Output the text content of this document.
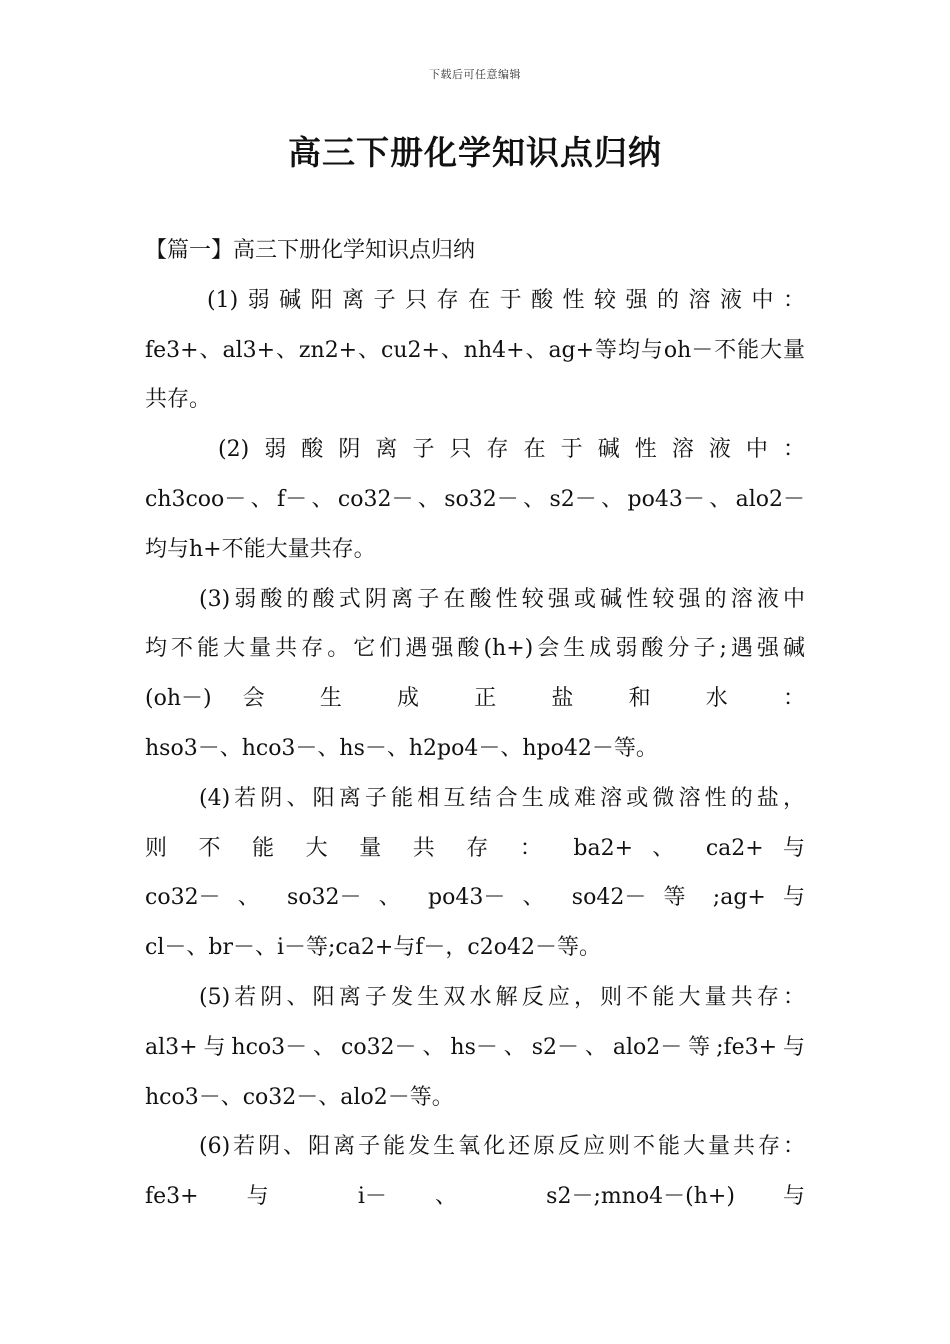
下载后可任意编辑
高三下册化学知识点归纳
【篇一】高三下册化学知识点归纳
(1)弱碱阳离子只存在于酸性较强的溶液中：
fe3+、al3+、zn2+、cu2+、nh4+、ag+等均与oh－不能大量
共存。
(2)弱酸阴离子只存在于碱性溶液中：
ch3coo－、f－、co32－、so32－、s2－、po43－、alo2－
均与h+不能大量共存。
(3)弱酸的酸式阴离子在酸性较强或碱性较强的溶液中
均不能大量共存。它们遇强酸(h+)会生成弱酸分子;遇强碱
(oh－) 会 生 成 正 盐 和 水 ：
hso3－、hco3－、hs－、h2po4－、hpo42－等。
(4)若阴、阳离子能相互结合生成难溶或微溶性的盐，
则 不 能 大 量 共 存 ： ba2+ 、 ca2+ 与
co32－ 、 so32－ 、 po43－ 、 so42－ 等 ;ag+ 与
cl－、br－、i－等;ca2+与f－，c2o42－等。
(5)若阴、阳离子发生双水解反应，则不能大量共存：
al3+与hco3－、co32－、hs－、s2－、alo2－等;fe3+与
hco3－、co32－、alo2－等。
(6)若阴、阳离子能发生氧化还原反应则不能大量共存：
fe3+ 与 i－ 、 s2－;mno4－(h+) 与
